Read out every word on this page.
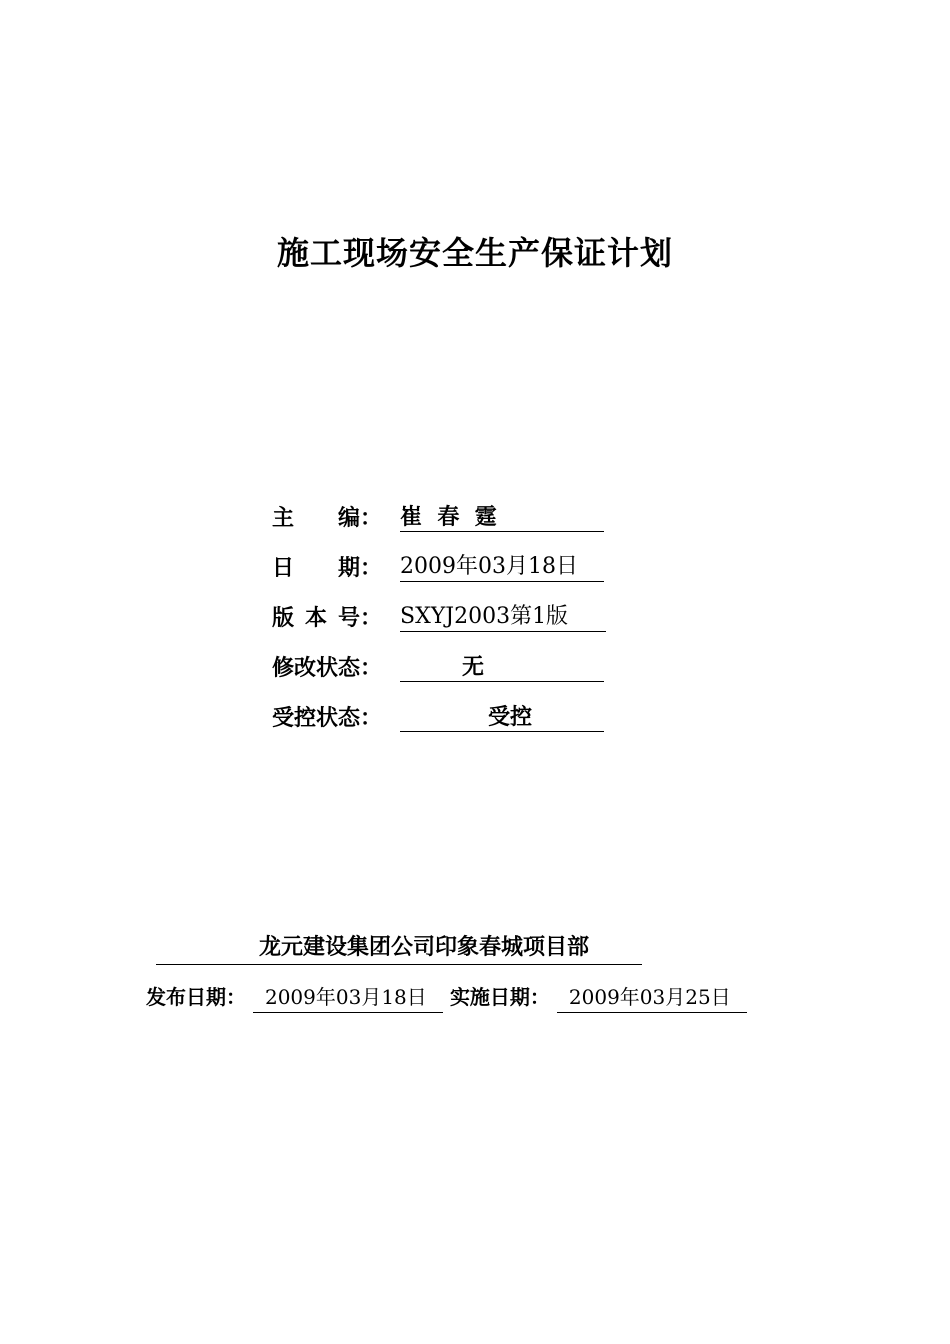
施工现场安全生产保证计划
主 编： 崔  春  霆
日 期： 2009年03月18日
版 本 号： SXYJ2003第1版
修改状态：	无
受控状态：	受控
龙元建设集团公司印象春城项目部
发布日期： 2009年03月18日 实施日期： 2009年03月25日
